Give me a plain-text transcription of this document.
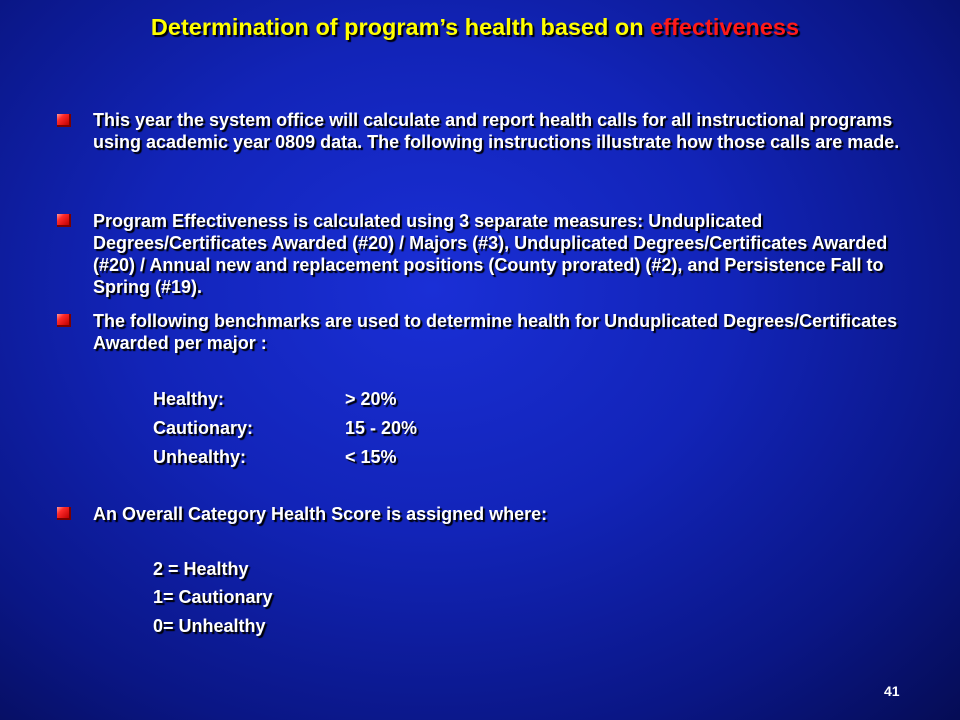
Determination of program’s health based on effectiveness
This year the system office will calculate and report health calls for all instructional programs using academic year 0809 data. The following instructions illustrate how those calls are made.
Program Effectiveness is calculated using 3 separate measures: Unduplicated Degrees/Certificates Awarded (#20) / Majors (#3), Unduplicated Degrees/Certificates Awarded (#20) / Annual new and replacement positions (County prorated) (#2), and Persistence Fall to Spring (#19).
The following benchmarks are used to determine health for Unduplicated Degrees/Certificates Awarded per major :
Healthy:	> 20%
Cautionary:	15 - 20%
Unhealthy:	< 15%
An Overall Category Health Score is assigned where:
2 = Healthy
1= Cautionary
0= Unhealthy
41
